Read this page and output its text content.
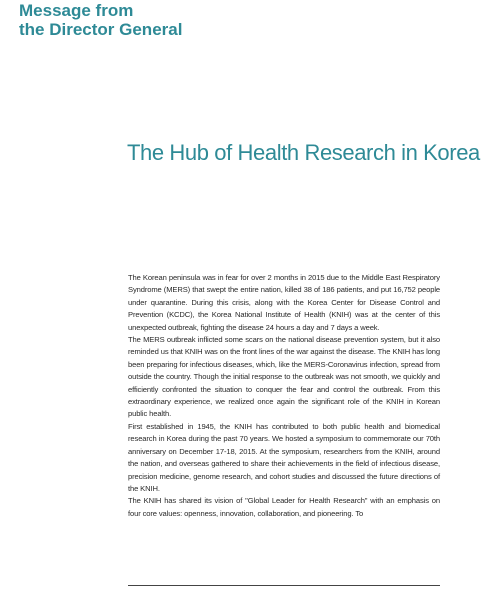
Message from
the Director General
The Hub of Health Research in Korea

The Korean peninsula was in fear for over 2 months in 2015 due to the Middle East Respiratory Syndrome (MERS) that swept the entire nation, killed 38 of 186 patients, and put 16,752 people under quarantine. During this crisis, along with the Korea Center for Disease Control and Prevention (KCDC), the Korea National Institute of Health (KNIH) was at the center of this unexpected outbreak, fighting the disease 24 hours a day and 7 days a week.

The MERS outbreak inflicted some scars on the national disease prevention system, but it also reminded us that KNIH was on the front lines of the war against the disease. The KNIH has long been preparing for infectious diseases, which, like the MERS-Coronavirus infection, spread from outside the country. Though the initial response to the outbreak was not smooth, we quickly and efficiently confronted the situation to conquer the fear and control the outbreak. From this extraordinary experience, we realized once again the significant role of the KNIH in Korean public health.

First established in 1945, the KNIH has contributed to both public health and biomedical research in Korea during the past 70 years. We hosted a symposium to commemorate our 70th anniversary on December 17-18, 2015. At the symposium, researchers from the KNIH, around the nation, and overseas gathered to share their achievements in the field of infectious disease, precision medicine, genome research, and cohort studies and discussed the future directions of the KNIH.

The KNIH has shared its vision of "Global Leader for Health Research" with an emphasis on four core values: openness, innovation, collaboration, and pioneering. To
